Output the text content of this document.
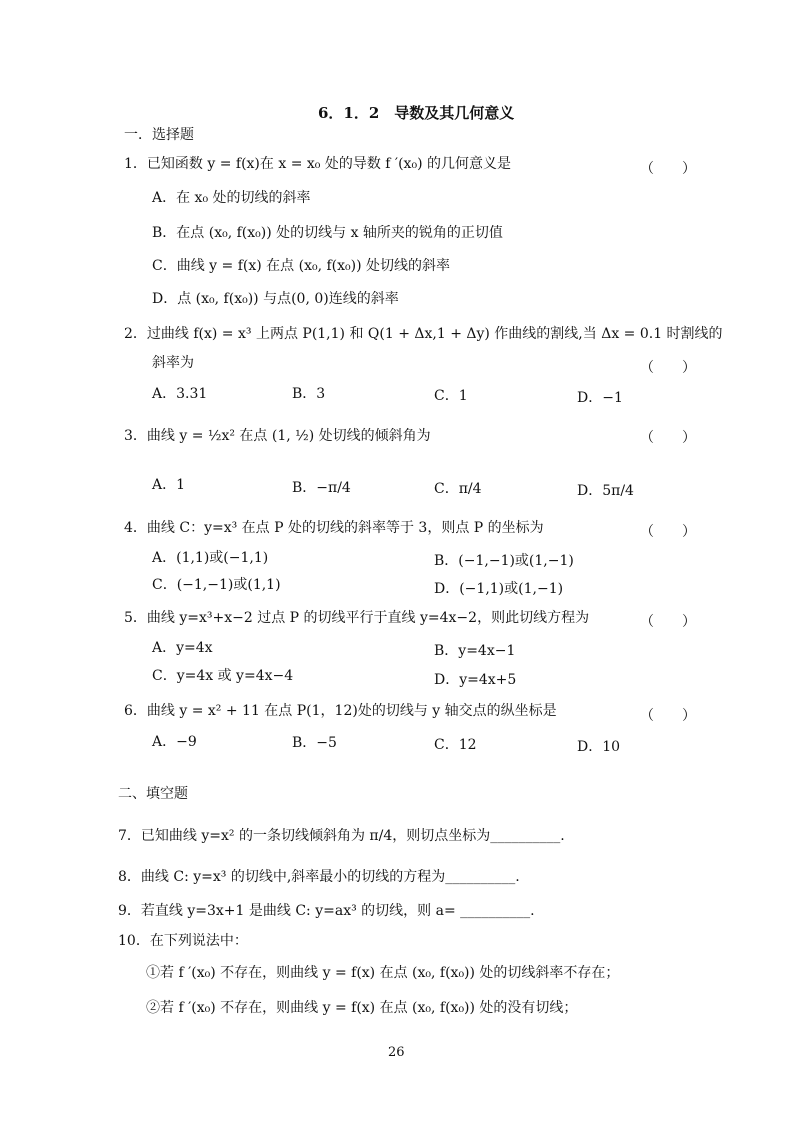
6．1．2　导数及其几何意义
一．选择题
1．已知函数 y = f(x)在 x = x₀ 处的导数 f ′(x₀) 的几何意义是	（　　）
A．在 x₀ 处的切线的斜率
B．在点 (x₀, f(x₀)) 处的切线与 x 轴所夹的锐角的正切值
C．曲线 y = f(x) 在点 (x₀, f(x₀)) 处切线的斜率
D．点 (x₀, f(x₀)) 与点(0, 0)连线的斜率
2．过曲线 f(x) = x³ 上两点 P(1,1) 和 Q(1 + Δx,1 + Δy) 作曲线的割线,当 Δx = 0.1 时割线的
斜率为	（　　）
A．3.31	B．3	C．1	D．−1
3．曲线 y = ½x² 在点 (1, ½) 处切线的倾斜角为	（　　）
A．1	B．−π/4	C．π/4	D．5π/4
4．曲线 C：y=x³ 在点 P 处的切线的斜率等于 3，则点 P 的坐标为	（　　）
A．(1,1)或(−1,1)	B．(−1,−1)或(1,−1)
C．(−1,−1)或(1,1)	D．(−1,1)或(1,−1)
5．曲线 y=x³+x−2 过点 P 的切线平行于直线 y=4x−2，则此切线方程为	（　　）
A．y=4x	B．y=4x−1
C．y=4x 或 y=4x−4	D．y=4x+5
6．曲线 y = x² + 11 在点 P(1，12)处的切线与 y 轴交点的纵坐标是	（　　）
A．−9	B．−5	C．12	D．10
二、填空题
7．已知曲线 y=x² 的一条切线倾斜角为 π/4，则切点坐标为__________.
8．曲线 C: y=x³ 的切线中,斜率最小的切线的方程为__________.
9．若直线 y=3x+1 是曲线 C: y=ax³ 的切线，则 a= __________.
10．在下列说法中：
①若 f ′(x₀) 不存在，则曲线 y = f(x) 在点 (x₀, f(x₀)) 处的切线斜率不存在；
②若 f ′(x₀) 不存在，则曲线 y = f(x) 在点 (x₀, f(x₀)) 处的没有切线；
26
